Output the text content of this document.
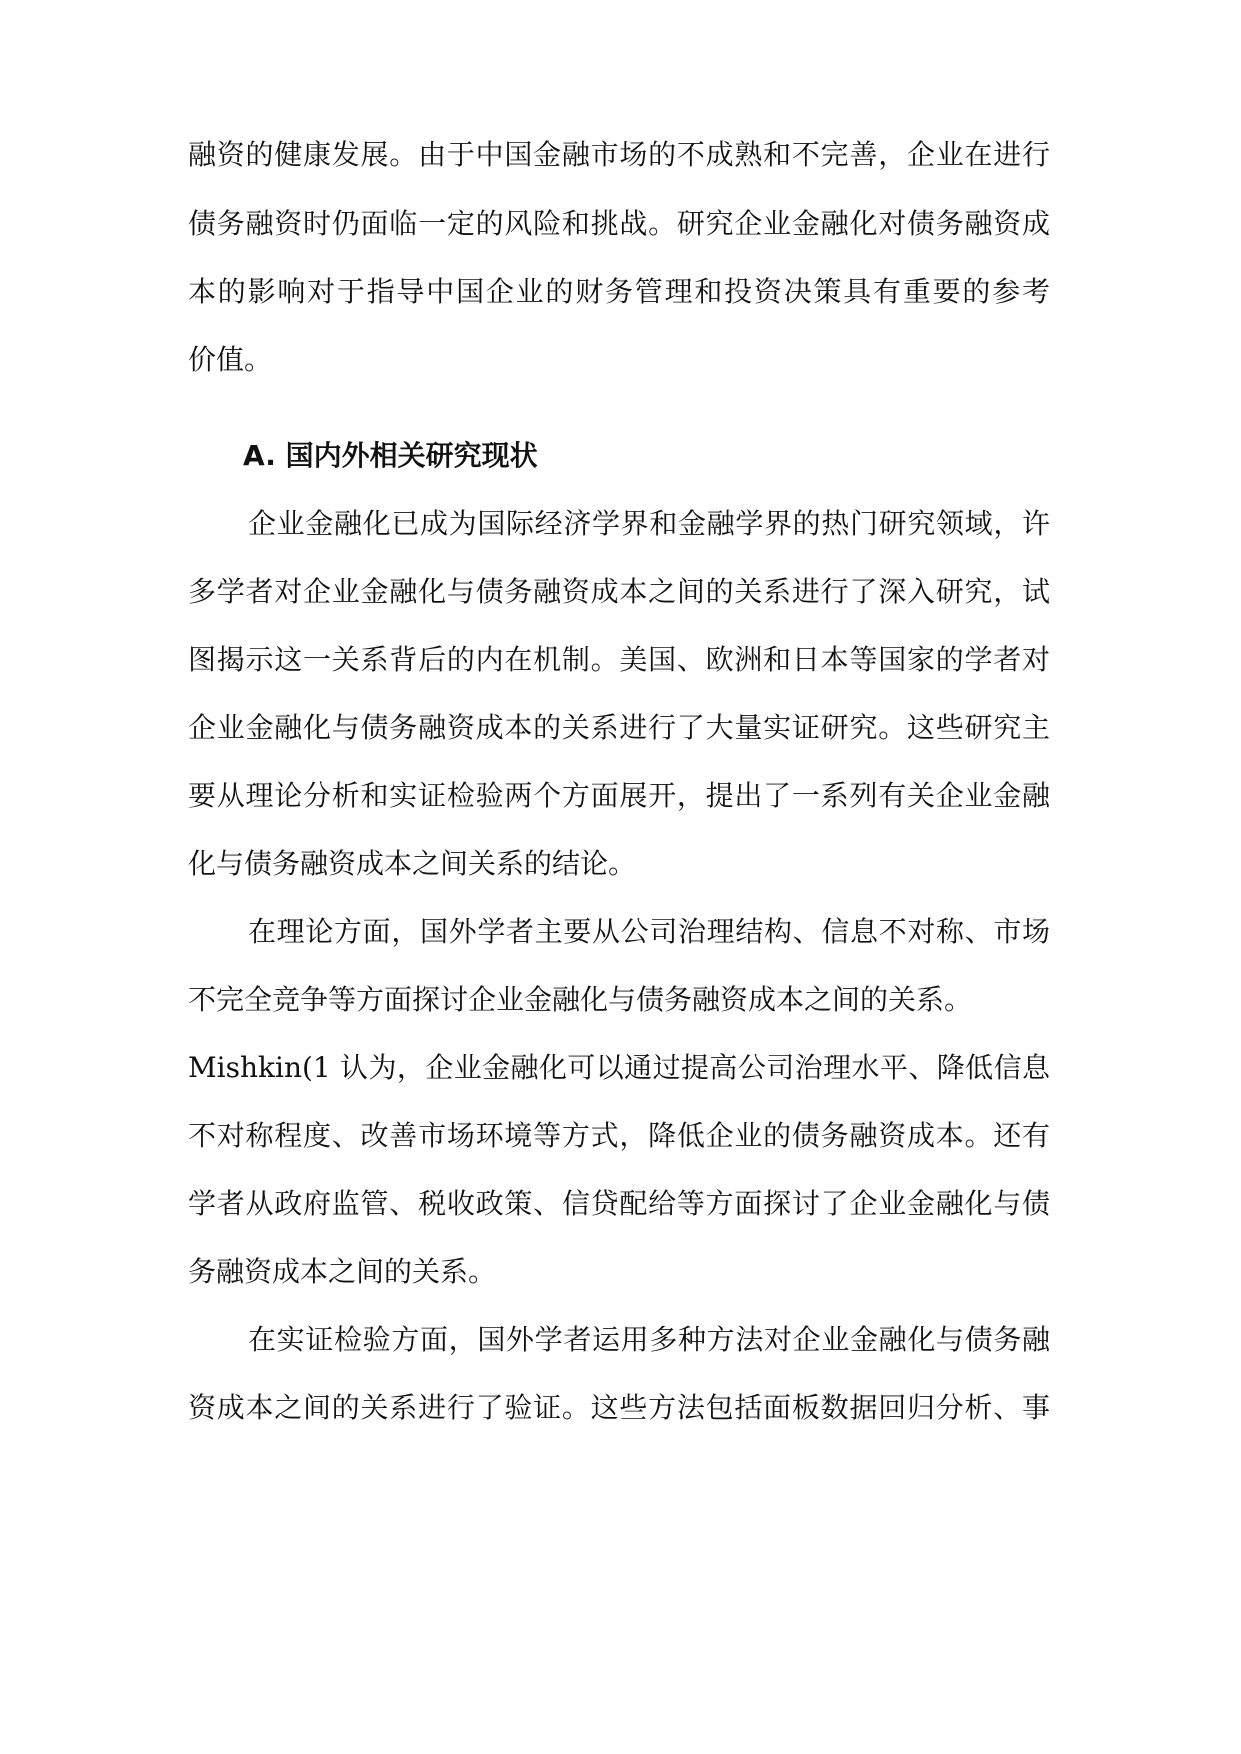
融资的健康发展。由于中国金融市场的不成熟和不完善，企业在进行
债务融资时仍面临一定的风险和挑战。研究企业金融化对债务融资成
本的影响对于指导中国企业的财务管理和投资决策具有重要的参考
价值。
A. 国内外相关研究现状
企业金融化已成为国际经济学界和金融学界的热门研究领域，许
多学者对企业金融化与债务融资成本之间的关系进行了深入研究，试
图揭示这一关系背后的内在机制。美国、欧洲和日本等国家的学者对
企业金融化与债务融资成本的关系进行了大量实证研究。这些研究主
要从理论分析和实证检验两个方面展开，提出了一系列有关企业金融
化与债务融资成本之间关系的结论。
在理论方面，国外学者主要从公司治理结构、信息不对称、市场
不完全竞争等方面探讨企业金融化与债务融资成本之间的关系。
Mishkin(1 认为，企业金融化可以通过提高公司治理水平、降低信息
不对称程度、改善市场环境等方式，降低企业的债务融资成本。还有
学者从政府监管、税收政策、信贷配给等方面探讨了企业金融化与债
务融资成本之间的关系。
在实证检验方面，国外学者运用多种方法对企业金融化与债务融
资成本之间的关系进行了验证。这些方法包括面板数据回归分析、事
